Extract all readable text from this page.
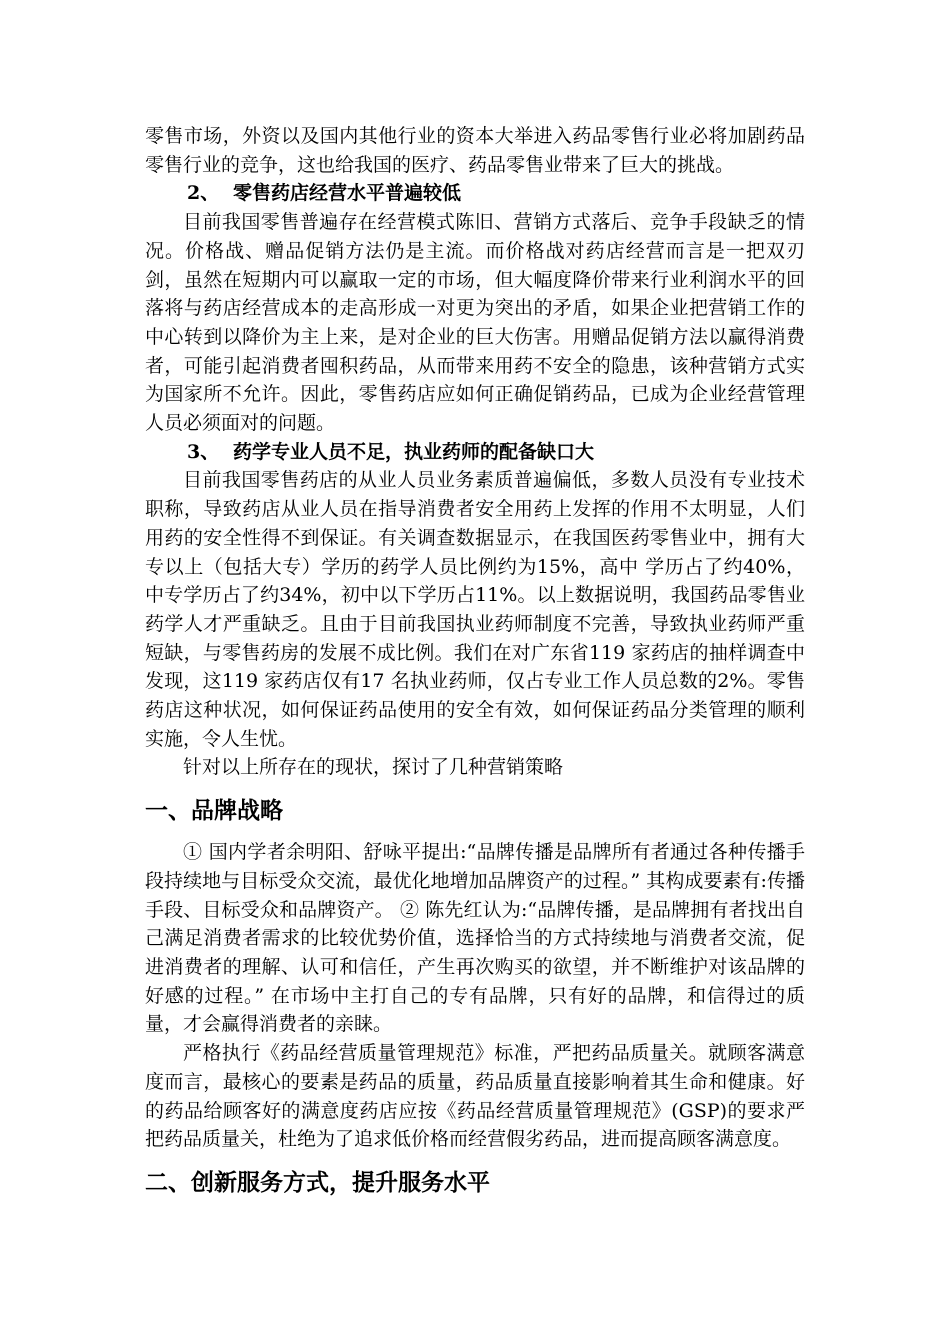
零售市场，外资以及国内其他行业的资本大举进入药品零售行业必将加剧药品零售行业的竞争，这也给我国的医疗、药品零售业带来了巨大的挑战。

2、 零售药店经营水平普遍较低

目前我国零售普遍存在经营模式陈旧、营销方式落后、竞争手段缺乏的情况。价格战、赠品促销方法仍是主流。而价格战对药店经营而言是一把双刃剑，虽然在短期内可以赢取一定的市场，但大幅度降价带来行业利润水平的回落将与药店经营成本的走高形成一对更为突出的矛盾，如果企业把营销工作的中心转到以降价为主上来，是对企业的巨大伤害。用赠品促销方法以赢得消费者，可能引起消费者囤积药品，从而带来用药不安全的隐患，该种营销方式实为国家所不允许。因此，零售药店应如何正确促销药品，已成为企业经营管理人员必须面对的问题。

3、 药学专业人员不足，执业药师的配备缺口大

目前我国零售药店的从业人员业务素质普遍偏低，多数人员没有专业技术职称，导致药店从业人员在指导消费者安全用药上发挥的作用不太明显，人们用药的安全性得不到保证。有关调查数据显示，在我国医药零售业中，拥有大专以上（包括大专）学历的药学人员比例约为15%，高中 学历占了约40%，中专学历占了约34%，初中以下学历占11%。以上数据说明，我国药品零售业药学人才严重缺乏。且由于目前我国执业药师制度不完善，导致执业药师严重短缺，与零售药房的发展不成比例。我们在对广东省119 家药店的抽样调查中发现，这119 家药店仅有17 名执业药师，仅占专业工作人员总数的2%。零售药店这种状况，如何保证药品使用的安全有效，如何保证药品分类管理的顺利实施，令人生忧。

针对以上所存在的现状，探讨了几种营销策略

一、品牌战略

① 国内学者余明阳、舒咏平提出:“品牌传播是品牌所有者通过各种传播手段持续地与目标受众交流，最优化地增加品牌资产的过程。” 其构成要素有:传播手段、目标受众和品牌资产。 ② 陈先红认为:“品牌传播，是品牌拥有者找出自己满足消费者需求的比较优势价值，选择恰当的方式持续地与消费者交流，促进消费者的理解、认可和信任，产生再次购买的欲望，并不断维护对该品牌的好感的过程。” 在市场中主打自己的专有品牌，只有好的品牌，和信得过的质量，才会赢得消费者的亲睐。

严格执行《药品经营质量管理规范》标准，严把药品质量关。就顾客满意度而言，最核心的要素是药品的质量，药品质量直接影响着其生命和健康。好的药品给顾客好的满意度药店应按《药品经营质量管理规范》(GSP)的要求严把药品质量关，杜绝为了追求低价格而经营假劣药品，进而提高顾客满意度。

二、创新服务方式，提升服务水平
